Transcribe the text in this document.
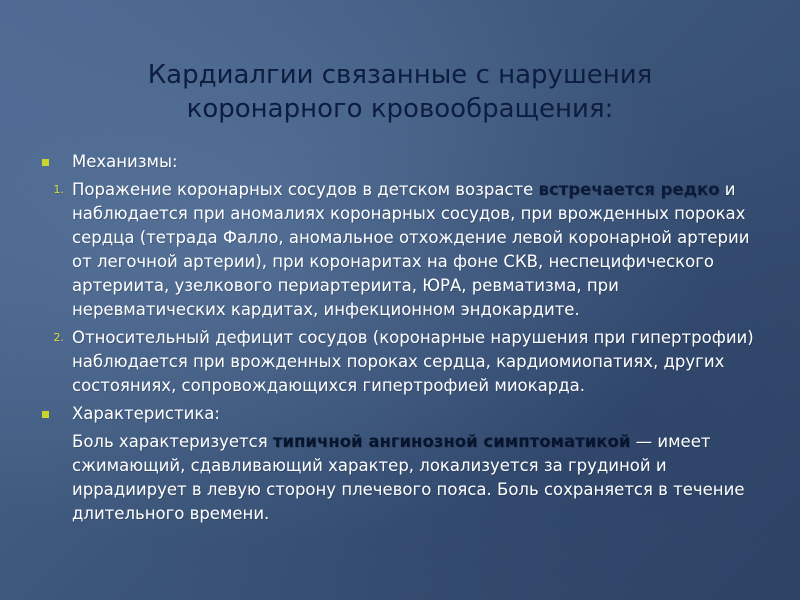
Кардиалгии связанные с нарушения
коронарного кровообращения:
Механизмы:
1. Поражение коронарных сосудов в детском возрасте встречается редко и наблюдается при аномалиях коронарных сосудов, при врожденных пороках сердца (тетрада Фалло, аномальное отхождение левой коронарной артерии от легочной артерии), при коронаритах на фоне СКВ, неспецифического артериита, узелкового периартериита, ЮРА, ревматизма, при неревматических кардитах, инфекционном эндокардите.
2. Относительный дефицит сосудов (коронарные нарушения при гипертрофии) наблюдается при врожденных пороках сердца, кардиомиопатиях, других состояниях, сопровождающихся гипертрофией миокарда.
Характеристика:
Боль характеризуется типичной ангинозной симптоматикой — имеет сжимающий, сдавливающий характер, локализуется за грудиной и иррадиирует в левую сторону плечевого пояса. Боль сохраняется в течение длительного времени.
